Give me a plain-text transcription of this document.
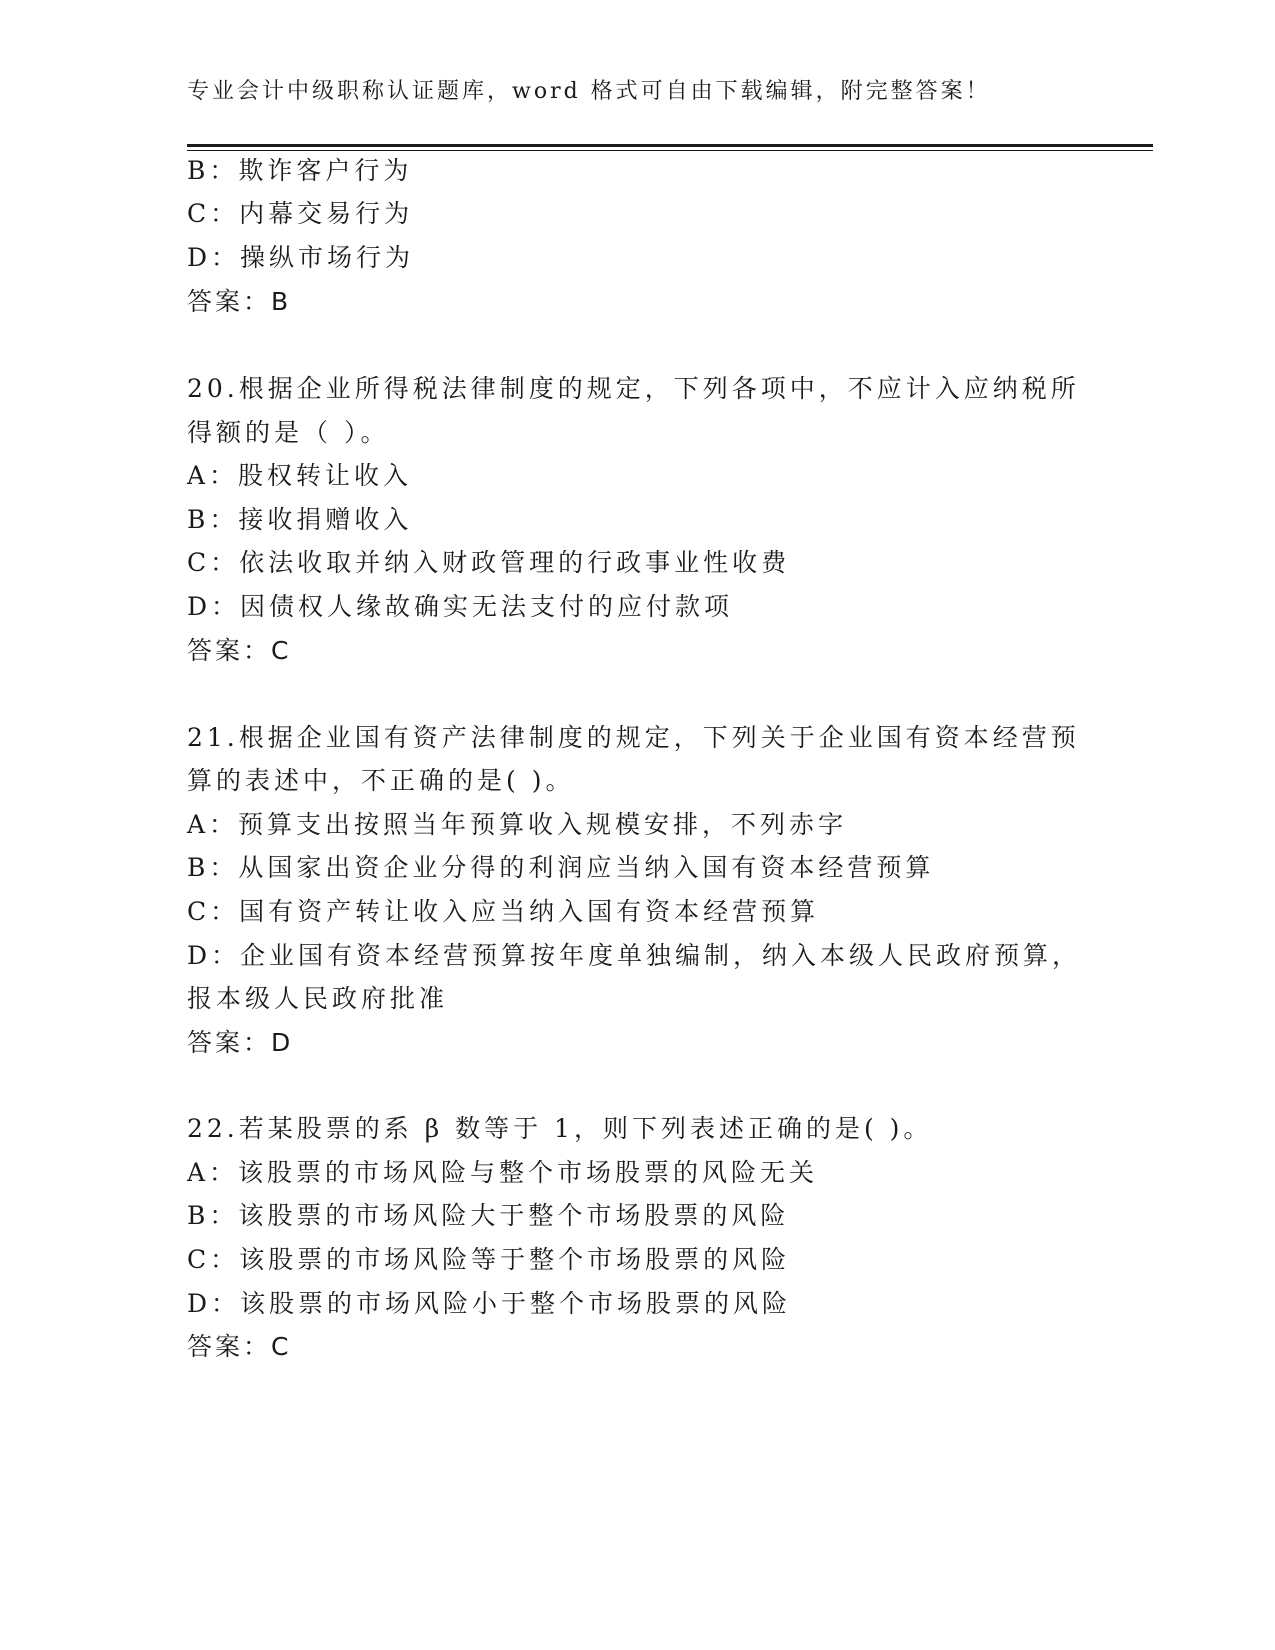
专业会计中级职称认证题库，word 格式可自由下载编辑，附完整答案！
B：欺诈客户行为
C：内幕交易行为
D：操纵市场行为
答案：B
20.根据企业所得税法律制度的规定，下列各项中，不应计入应纳税所
得额的是（ ）。
A：股权转让收入
B：接收捐赠收入
C：依法收取并纳入财政管理的行政事业性收费
D：因债权人缘故确实无法支付的应付款项
答案：C
21.根据企业国有资产法律制度的规定，下列关于企业国有资本经营预
算的表述中，不正确的是( )。
A：预算支出按照当年预算收入规模安排，不列赤字
B：从国家出资企业分得的利润应当纳入国有资本经营预算
C：国有资产转让收入应当纳入国有资本经营预算
D：企业国有资本经营预算按年度单独编制，纳入本级人民政府预算，
报本级人民政府批准
答案：D
22.若某股票的系 β 数等于 1，则下列表述正确的是( )。
A：该股票的市场风险与整个市场股票的风险无关
B：该股票的市场风险大于整个市场股票的风险
C：该股票的市场风险等于整个市场股票的风险
D：该股票的市场风险小于整个市场股票的风险
答案：C
